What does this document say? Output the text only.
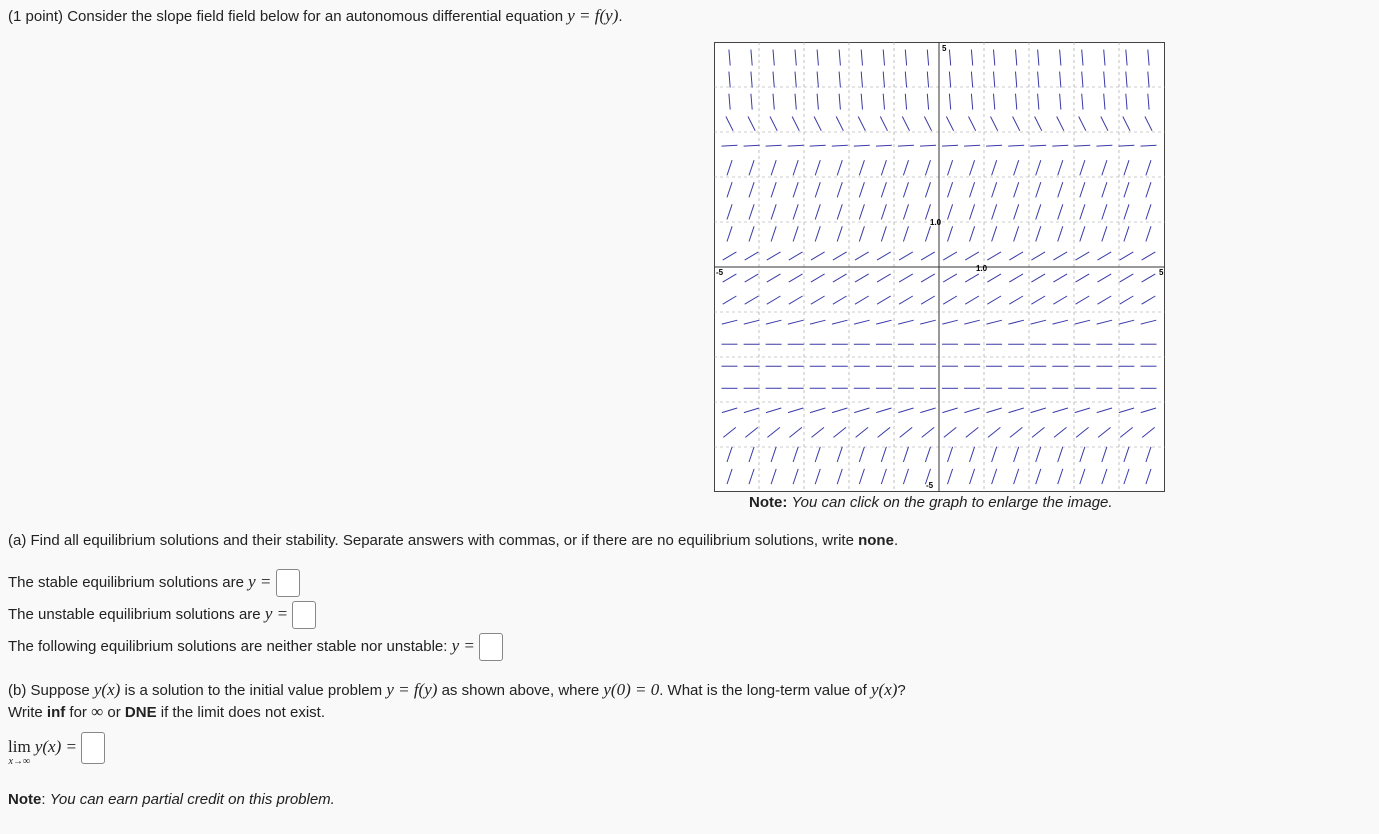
(1 point) Consider the slope field field below for an autonomous differential equation y = f(y).
5
-5
-5	5
1.0
1.0
Note: You can click on the graph to enlarge the image.
(a) Find all equilibrium solutions and their stability. Separate answers with commas, or if there are no equilibrium solutions, write none.
The stable equilibrium solutions are y =
The unstable equilibrium solutions are y =
The following equilibrium solutions are neither stable nor unstable: y =
(b) Suppose y(x) is a solution to the initial value problem y = f(y) as shown above, where y(0) = 0. What is the long-term value of y(x)?
Write inf for ∞ or DNE if the limit does not exist.
lim
x→∞
y(x) =
Note: You can earn partial credit on this problem.
